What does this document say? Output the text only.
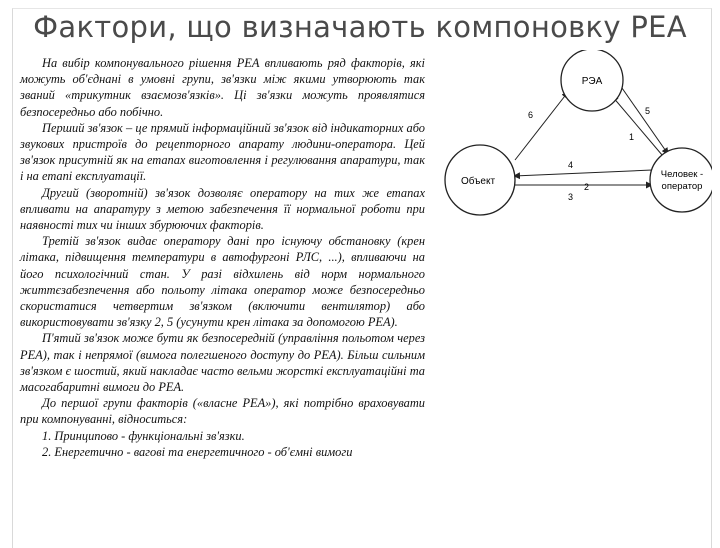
Фактори, що визначають компоновку РЕА

На вибір компонувального рішення РЕА впливають ряд факторів, які можуть об'єднані в умовні групи, зв'язки між якими утворюють так званий «трикутник взаємозв'язків». Ці зв'язки можуть проявлятися безпосередньо або побічно.

Перший зв'язок – це прямий інформаційний зв'язок від індикаторних або звукових пристроїв до рецепторного апарату людини-оператора. Цей зв'язок присутній як на етапах виготовлення і регулювання апаратури, так і на етапі експлуатації.

Другий (зворотній) зв'язок дозволяє оператору на тих же етапах впливати на апаратуру з метою забезпечення її нормальної роботи при наявності тих чи інших збурюючих факторів.

Третій зв'язок видає оператору дані про існуючу обстановку (крен літака, підвищення температури в автофургоні РЛС, ...), впливаючи на його психологічний стан. У разі відхилень від норм нормального життєзабезпечення або польоту літака оператор може безпосередньо скористатися четвертим зв'язком (включити вентилятор) або використовувати зв'язку 2, 5 (усунути крен літака за допомогою РЕА).

П'ятий зв'язок може бути як безпосередній (управління польотом через РЕА), так і непрямої (вимога полегшеного доступу до РЕА). Більш сильним зв'язком є шостий, який накладає часто вельми жорсткі експлуатаційні та масогабаритні вимоги до РЕА.

До першої групи факторів («власне РЕА»), які потрібно враховувати при компонуванні, відноситься:

1. Принципово - функціональні зв'язки.

2. Енергетично - вагові та енергетичного - об'ємні вимоги

РЭА
Объект
Человек -
оператор
6	5
1
4
3
2
